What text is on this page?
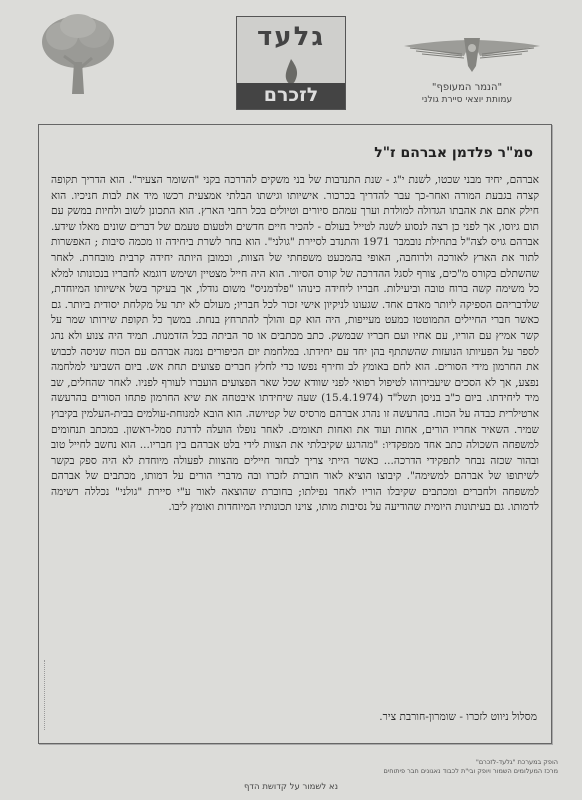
גלעד
לזכרם	"הנמר המעופף"
עמותת יוצאי סיירת גולני
סמ"ר פלדמן אברהם ז"ל
אברהם, יחיד מבני שכטו, לשנת י"ג - שנת התנדבות של בני משקים להדרכה בקני "השומר הצעיר". הוא הדריך תקופה קצרה בגבעת המורה ואחר-כך עבר להדריך בכרכור. אישיותו וגישתו הבלתי אמצעית רכשו מיד את לבות חניכיו. הוא חילק אתם את אהבתו הגדולה למולדת וערך עמהם סיורים וטיולים בכל רחבי הארץ. הוא התכונן לשוב ולחיות במשק עם תום גיוסו, אך לפני כן רצה לנסוע לשנה לטייל בעולם - להכיר חיים חדשים ולטעום טעמם של דברים שונים מאלו שידע. אברהם גויס לצה"ל בתחילת נובמבר 1971 והתנדב לסיירת "גולני". הוא בחר לשרת ביחידה זו מכמה סיבות ; האפשרות לתור את הארץ לאורכה ולרוחבה, האופי בהמכעט משפחתי של הצוות, וכמובן היותה יחידה קרבית מובחרת. לאחר שהשתלם בקורס מ"כים, צורף לסגל ההדרכה של קורס הסיור. הוא היה חייל מצטיין ושימש דוגמא לחבריו בנכונותו למלא כל משימה קשה ברוח טובה וביעילות. חבריו ליחידה כינוהו "פלדמניס" משום גודלו, אך בעיקר בשל אישיותו המיוחדת, שלדבריהם הספיקה ליותר מאדם אחד. שגעונו לניקיון אישי זכור לכל חבריו; מעולם לא יתר על מקלחת יסודית ביותר. גם כאשר חברי החיילים התמוטטו כמעט מעייפות, היה הוא קם והולך להתרחץ בנחת. במשך כל תקופת שירותו שמר על קשר אמיץ עם הוריו, עם אחיו ועם חבריו שבמשק. כתב מכתבים או סר הביתה בכל הזדמנות. תמיד היה צנוע ולא נהג לספר על הפעיותו הנועזות שהשתתף בהן יחד עם יחידתו. במלחמת יום הכיפורים נמנה אברהם עם הכוח שניסה לכבוש את החרמון מידי הסורים. הוא לחם באומץ לב וחירף נפשו כדי לחלץ חברים פצועים תחת אש. ביום השביעי למלחמה נפצע, אך לא הסכים שיעבירוהו לטיפול רפואי לפני שוודא שכל שאר הפצועים הועברו לעורף לפניו. לאחר שהחלים, שב מיד ליחידתו. ביום כ"ב בניסן תשל"ד (15.4.1974) שעה שיחידתו איבטחה את שיא החרמון פתחו הסורים בהרעשה ארטילרית כבדה על הכוח. בהרעשה זו נהרג אברהם מרסיס של קטיושה. הוא הובא למנוחת-עולמים בבית-העלמין בקיבוץ שמיר. השאיר אחריו הורים, אחות ועוד את ואחות תאומים. לאחר נופלו הועלה לדרגת סמל-ראשון. במכתב תנחומים למשפחה השכולה כתב אחד ממפקדיו: "מהרגע שקיבלתי את הצוות לידי בלט אברהם בין חבריו... הוא נחשב לחייל טוב ובהור שכזה נבחר לתפקידי הדרכה... כאשר הייתי צריך לבחור חיילים מהצוות לפעולה מיוחדת לא היה ספק בקשר לשיתופו של אברהם למשימה". קיבוצו הוציא לאור חוברת לזכרו ובה מדברי הורים על דמותו, מכתבים של אברהם למשפחה ולחברים ומכתבים שקיבלו הוריו לאחר נפילתו; בחוברת שהוצאה לאור ע"י סיירת "גולני" נכללה רשימה לדמותו. גם בעיתונות היומית שהודיעה על נסיבות מותו, צוינו תכונותיו המיוחדות ואומץ ליבו.
מסלול ניווט לזכרו - שומרון-חורבת ציר.
הופק במערכת "גלעד-לזכרם"
מרכז המעלומים השמור ויופק ובי"ת לכבוד נאגונים חבר פיתוחים
נא לשמור על קדושת הדף
